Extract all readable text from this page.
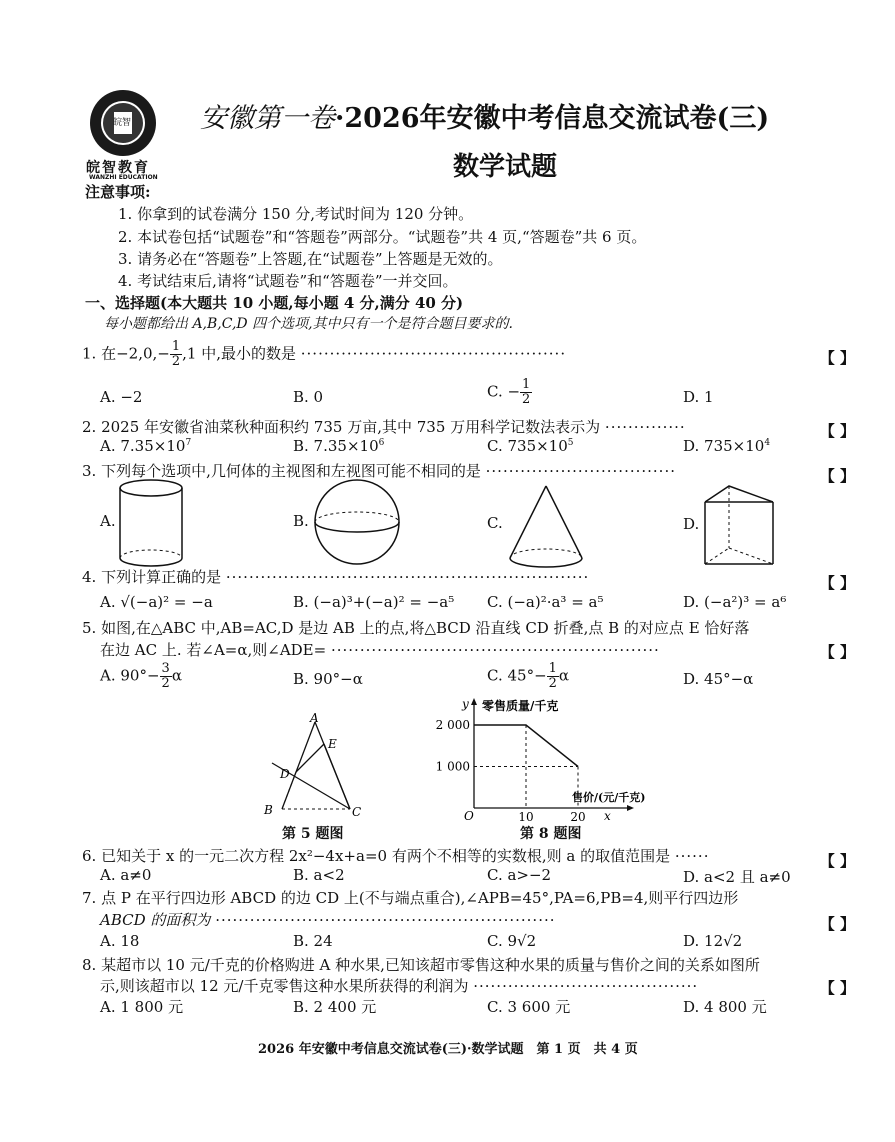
皖智
皖智教育
WANZHI EDUCATION
安徽第一卷·2026年安徽中考信息交流试卷(三)
数学试题
注意事项:
1. 你拿到的试卷满分 150 分,考试时间为 120 分钟。
2. 本试卷包括“试题卷”和“答题卷”两部分。“试题卷”共 4 页,“答题卷”共 6 页。
3. 请务必在“答题卷”上答题,在“试题卷”上答题是无效的。
4. 考试结束后,请将“试题卷”和“答题卷”一并交回。
一、选择题(本大题共 10 小题,每小题 4 分,满分 40 分)
每小题都给出 A,B,C,D 四个选项,其中只有一个是符合题目要求的.
1. 在$-2,0,- \frac{1}{2} ,1$ 中,最小的数是 ··············································	【 】
A. −2	B. 0	C. − $\frac{1}{2}$	D. 1
2. 2025 年安徽省油菜秋种面积约 735 万亩,其中 735 万用科学记数法表示为 ··············	【 】
A. $7.35\times 10^7$	B. $7.35\times 10^6$	C. $735\times 10^5$	D. $735\times 10^4$
3. 下列每个选项中,几何体的主视图和左视图可能不相同的是 ·································	【 】
A.	B.	C.	D.
4. 下列计算正确的是 ·······························································	【 】
A. √(−a)² = −a	B. (−a)³+(−a)² = −a⁵ C. (−a)²·a³ = a⁵	D. (−a²)³ = a⁶
5. 如图,在△ABC 中,AB=AC,D 是边 AB 上的点,将△BCD 沿直线 CD 折叠,点 B 的对应点 E 恰好落
在边 AC 上. 若∠A=α,则∠ADE= ·························································	【 】
A. $90^\circ- \frac{3}{2}$ α	B. 90°−α	C. $45^\circ- \frac{1}{2}$ α	D. 45°−α
A
E
D
B	C
第 5 题图
y 零售质量/千克
x
售价/(元/千克)
O
2 000
1 000
10	20
第 8 题图
6. 已知关于 x 的一元二次方程 2x²−4x+a=0 有两个不相等的实数根,则 a 的取值范围是 ······	【 】
A. a≠0	B. a<2	C. a>−2	D. a<2 且 a≠0
7. 点 P 在平行四边形 ABCD 的边 CD 上(不与端点重合),∠APB=45°,PA=6,PB=4,则平行四边形
ABCD 的面积为 ···························································	【 】
A. 18	B. 24	C. 9√2	D. 12√2
8. 某超市以 10 元/千克的价格购进 A 种水果,已知该超市零售这种水果的质量与售价之间的关系如图所
示,则该超市以 12 元/千克零售这种水果所获得的利润为 ·······································	【 】
A. 1 800 元	B. 2 400 元	C. 3 600 元	D. 4 800 元
2026 年安徽中考信息交流试卷(三)·数学试题　第 1 页　共 4 页
